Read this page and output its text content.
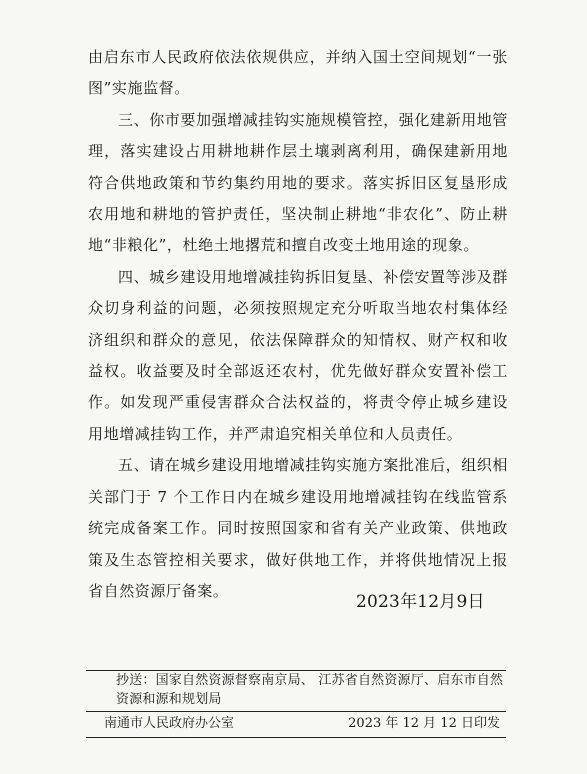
由启东市人民政府依法依规供应，并纳入国土空间规划“一张图”实施监督。

三、你市要加强增减挂钩实施规模管控，强化建新用地管理，落实建设占用耕地耕作层土壤剥离利用，确保建新用地符合供地政策和节约集约用地的要求。落实拆旧区复垦形成农用地和耕地的管护责任，坚决制止耕地“非农化”、防止耕地“非粮化”，杜绝土地撂荒和擅自改变土地用途的现象。

四、城乡建设用地增减挂钩拆旧复垦、补偿安置等涉及群众切身利益的问题，必须按照规定充分听取当地农村集体经济组织和群众的意见，依法保障群众的知情权、财产权和收益权。收益要及时全部返还农村，优先做好群众安置补偿工作。如发现严重侵害群众合法权益的，将责令停止城乡建设用地增减挂钩工作，并严肃追究相关单位和人员责任。

五、请在城乡建设用地增减挂钩实施方案批准后，组织相关部门于 7 个工作日内在城乡建设用地增减挂钩在线监管系统完成备案工作。同时按照国家和省有关产业政策、供地政策及生态管控相关要求，做好供地工作，并将供地情况上报省自然资源厅备案。

2023年12月9日
抄送：国家自然资源督察南京局、 江苏省自然资源厅、启东市自然资源和源和规划局
南通市人民政府办公室	2023 年 12 月 12 日印发
